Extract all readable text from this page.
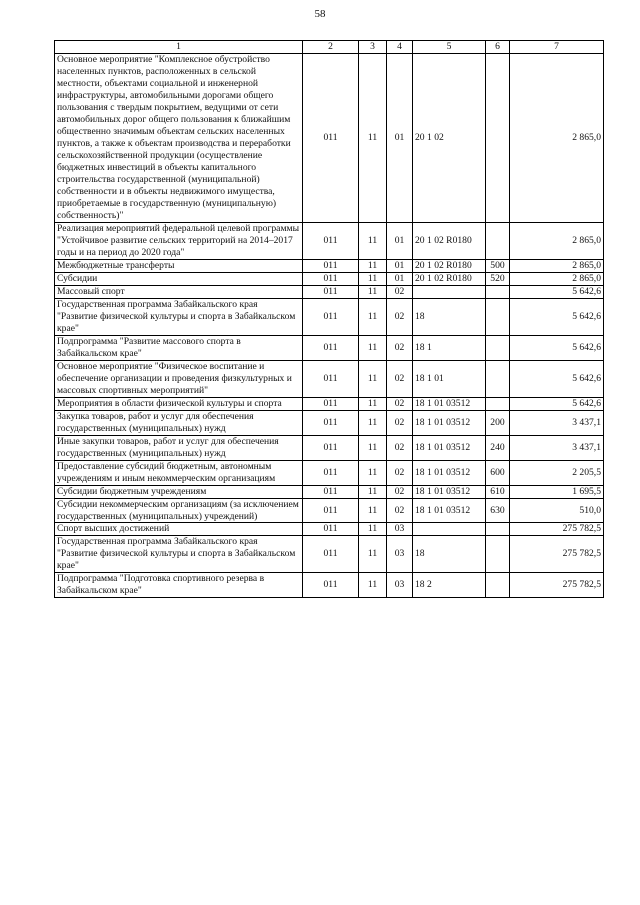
58
1	2	3	4	5	6	7
Основное мероприятие "Комплексное обустройство населенных пунктов, расположенных в сельской местности, объектами социальной и инженерной инфраструктуры, автомобильными дорогами общего пользования с твердым покрытием, ведущими от сети автомобильных дорог общего пользования к ближайшим общественно значимым объектам сельских населенных пунктов, а также к объектам производства и переработки сельскохозяйственной продукции (осуществление бюджетных инвестиций в объекты капитального строительства государственной (муниципальной) собственности и в объекты недвижимого имущества, приобретаемые в государственную (муниципальную) собственность)"	011	11	01	20 1 02		2 865,0
Реализация мероприятий федеральной целевой программы "Устойчивое развитие сельских территорий на 2014–2017 годы и на период до 2020 года"	011	11	01	20 1 02 R0180		2 865,0
Межбюджетные трансферты	011	11	01	20 1 02 R0180	500	2 865,0
Субсидии	011	11	01	20 1 02 R0180	520	2 865,0
Массовый спорт	011	11	02			5 642,6
Государственная программа Забайкальского края "Развитие физической культуры и спорта в Забайкальском крае"	011	11	02	18		5 642,6
Подпрограмма "Развитие массового спорта в Забайкальском крае"	011	11	02	18 1		5 642,6
Основное мероприятие "Физическое воспитание и обеспечение организации и проведения физкультурных и массовых спортивных мероприятий"	011	11	02	18 1 01		5 642,6
Мероприятия в области физической культуры и спорта	011	11	02	18 1 01 03512		5 642,6
Закупка товаров, работ и услуг для обеспечения государственных (муниципальных) нужд	011	11	02	18 1 01 03512	200	3 437,1
Иные закупки товаров, работ и услуг для обеспечения государственных (муниципальных) нужд	011	11	02	18 1 01 03512	240	3 437,1
Предоставление субсидий бюджетным, автономным учреждениям и иным некоммерческим организациям	011	11	02	18 1 01 03512	600	2 205,5
Субсидии бюджетным учреждениям	011	11	02	18 1 01 03512	610	1 695,5
Субсидии некоммерческим организациям (за исключением государственных (муниципальных) учреждений)	011	11	02	18 1 01 03512	630	510,0
Спорт высших достижений	011	11	03			275 782,5
Государственная программа Забайкальского края "Развитие физической культуры и спорта в Забайкальском крае"	011	11	03	18		275 782,5
Подпрограмма "Подготовка спортивного резерва в Забайкальском крае"	011	11	03	18 2		275 782,5
